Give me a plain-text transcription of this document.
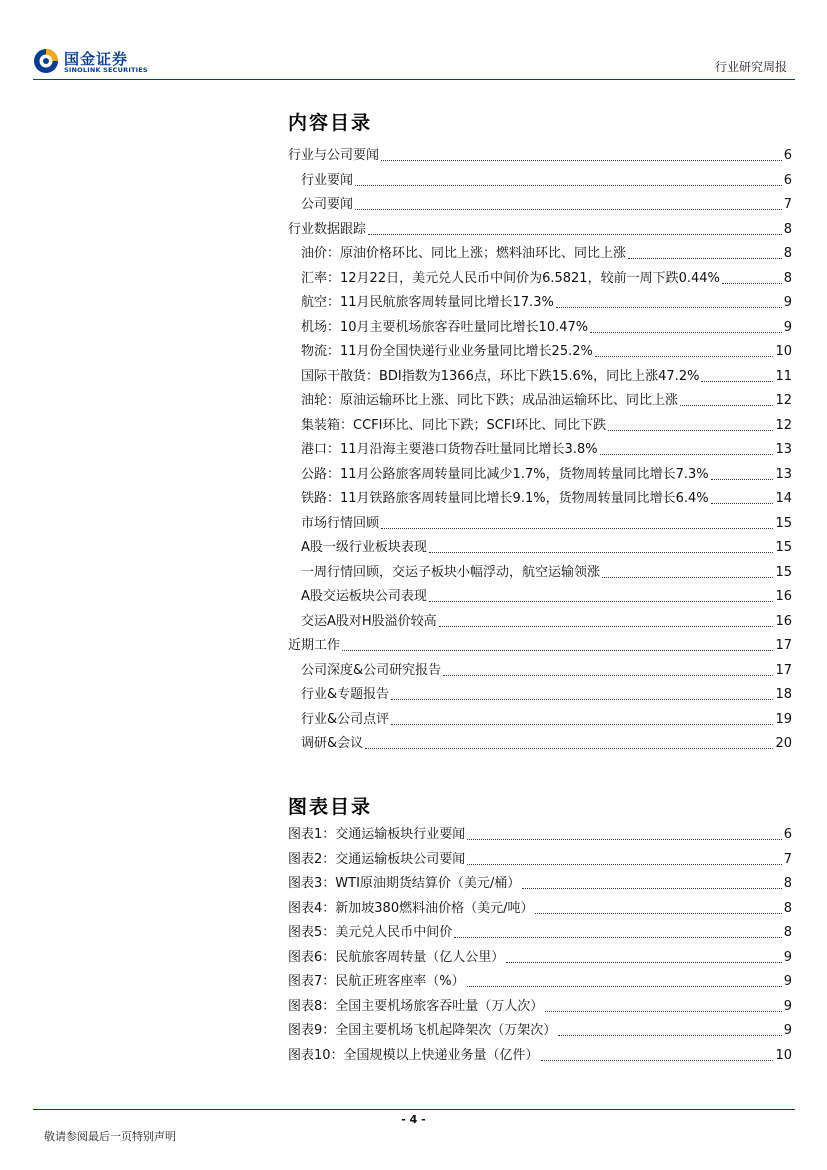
国金证券
SINOLINK SECURITIES	行业研究周报
内容目录
行业与公司要闻	6
行业要闻	6
公司要闻	7
行业数据跟踪	8
油价：原油价格环比、同比上涨；燃料油环比、同比上涨	8
汇率：12月22日，美元兑人民币中间价为6.5821，较前一周下跌0.44%	8
航空：11月民航旅客周转量同比增长17.3%	9
机场：10月主要机场旅客吞吐量同比增长10.47%	9
物流：11月份全国快递行业业务量同比增长25.2%	10
国际干散货：BDI指数为1366点，环比下跌15.6%，同比上涨47.2%	11
油轮：原油运输环比上涨、同比下跌；成品油运输环比、同比上涨	12
集装箱：CCFI环比、同比下跌；SCFI环比、同比下跌	12
港口：11月沿海主要港口货物吞吐量同比增长3.8%	13
公路：11月公路旅客周转量同比减少1.7%，货物周转量同比增长7.3%	13
铁路：11月铁路旅客周转量同比增长9.1%，货物周转量同比增长6.4%	14
市场行情回顾	15
A股一级行业板块表现	15
一周行情回顾，交运子板块小幅浮动，航空运输领涨	15
A股交运板块公司表现	16
交运A股对H股溢价较高	16
近期工作	17
公司深度&公司研究报告	17
行业&专题报告	18
行业&公司点评	19
调研&会议	20
图表目录
图表1：交通运输板块行业要闻	6
图表2：交通运输板块公司要闻	7
图表3：WTI原油期货结算价（美元/桶）	8
图表4：新加坡380燃料油价格（美元/吨）	8
图表5：美元兑人民币中间价	8
图表6：民航旅客周转量（亿人公里）	9
图表7：民航正班客座率（%）	9
图表8：全国主要机场旅客吞吐量（万人次）	9
图表9：全国主要机场飞机起降架次（万架次）	9
图表10：全国规模以上快递业务量（亿件）	10
- 4 -
敬请参阅最后一页特别声明
